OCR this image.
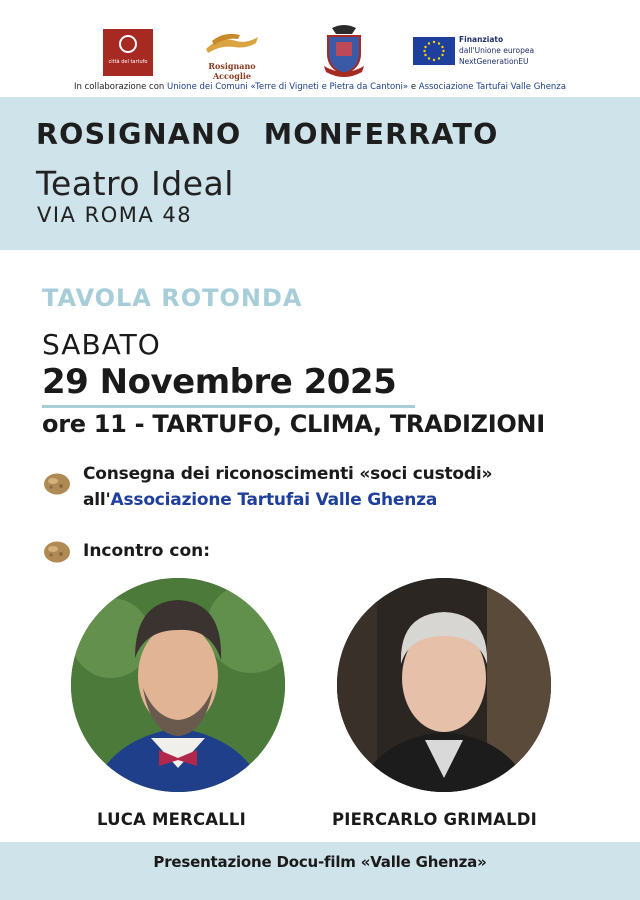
città del tartufo	Rosignano Accoglie

Finanziato
dall'Unione europea
NextGenerationEU
In collaborazione con Unione dei Comuni «Terre di Vigneti e Pietra da Cantoni» e Associazione Tartufai Valle Ghenza
ROSIGNANO  MONFERRATO
Teatro Ideal
VIA ROMA 48
TAVOLA ROTONDA
SABATO
29 Novembre 2025
ore 11 - TARTUFO, CLIMA, TRADIZIONI
Consegna dei riconoscimenti «soci custodi»
all'Associazione Tartufai Valle Ghenza
Incontro con:
LUCA MERCALLI	PIERCARLO GRIMALDI
Presentazione Docu-film «Valle Ghenza»
